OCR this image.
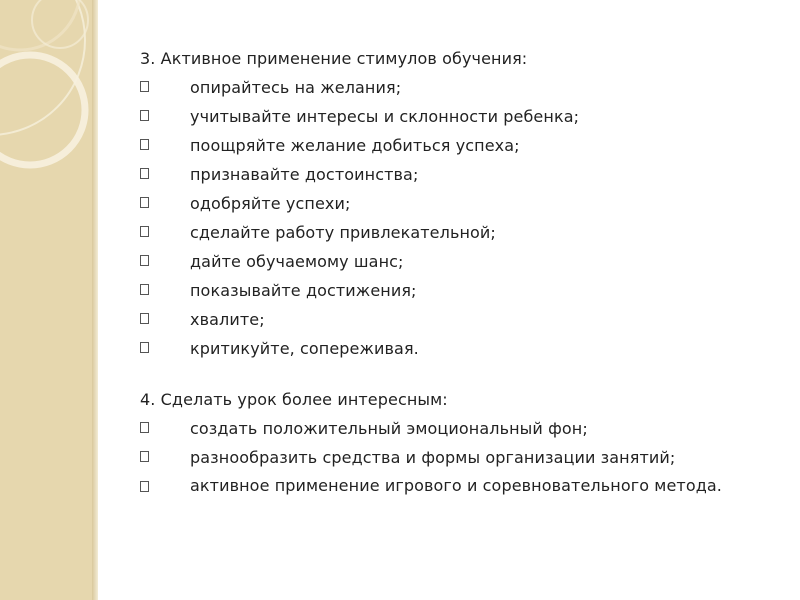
3. Активное применение стимулов обучения:
опирайтесь на желания;
учитывайте интересы и склонности ребенка;
поощряйте желание добиться успеха;
признавайте достоинства;
одобряйте успехи;
сделайте работу привлекательной;
дайте обучаемому шанс;
показывайте достижения;
хвалите;
критикуйте, сопереживая.
4. Сделать урок более интересным:
создать положительный эмоциональный фон;
разнообразить средства и формы организации занятий;
активное применение игрового и соревновательного метода.
